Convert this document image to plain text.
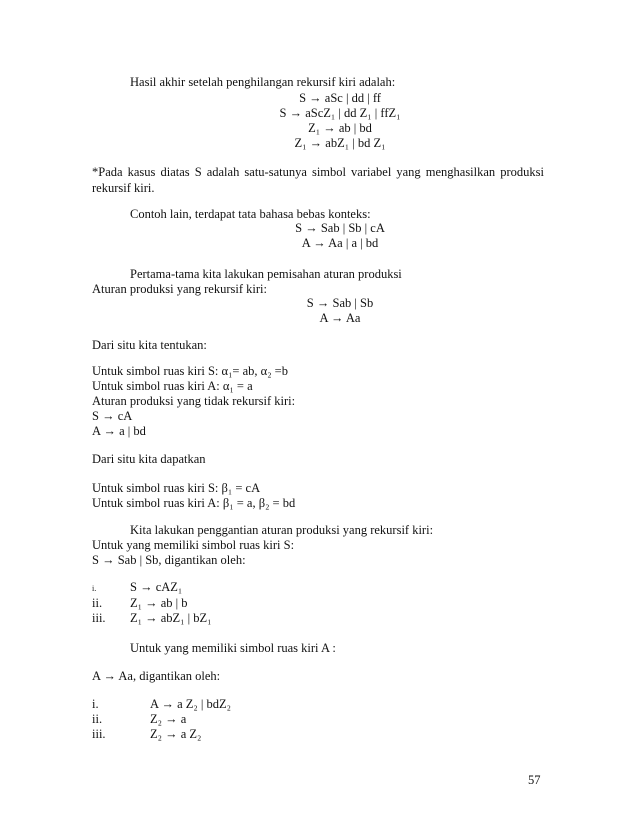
Hasil akhir setelah penghilangan rekursif kiri adalah:
S → aSc | dd | ff
S → aScZ₁ | dd Z₁ | ffZ₁
Z₁ → ab | bd
Z₁ → abZ₁ | bd Z₁
*Pada kasus diatas S adalah satu-satunya simbol variabel yang menghasilkan produksi
rekursif kiri.
Contoh lain, terdapat tata bahasa bebas konteks:
S → Sab | Sb | cA
A → Aa | a | bd
Pertama-tama kita lakukan pemisahan aturan produksi
Aturan produksi yang rekursif kiri:
S → Sab | Sb
A → Aa
Dari situ kita tentukan:
Untuk simbol ruas kiri S: α₁= ab, α₂ =b
Untuk simbol ruas kiri A: α₁ = a
Aturan produksi yang tidak rekursif kiri:
S → cA
A → a | bd
Dari situ kita dapatkan
Untuk simbol ruas kiri S: β₁ = cA
Untuk simbol ruas kiri A: β₁ = a, β₂ = bd
Kita lakukan penggantian aturan produksi yang rekursif kiri:
Untuk yang memiliki simbol ruas kiri S:
S → Sab | Sb, digantikan oleh:
i.	S → cAZ₁
ii. Z₁ → ab | b
iii. Z₁ → abZ₁ | bZ₁
Untuk yang memiliki simbol ruas kiri A :
A → Aa, digantikan oleh:
i.	A → a Z₂ | bdZ₂
ii.	Z₂ → a
iii.	Z₂ → a Z₂
57
